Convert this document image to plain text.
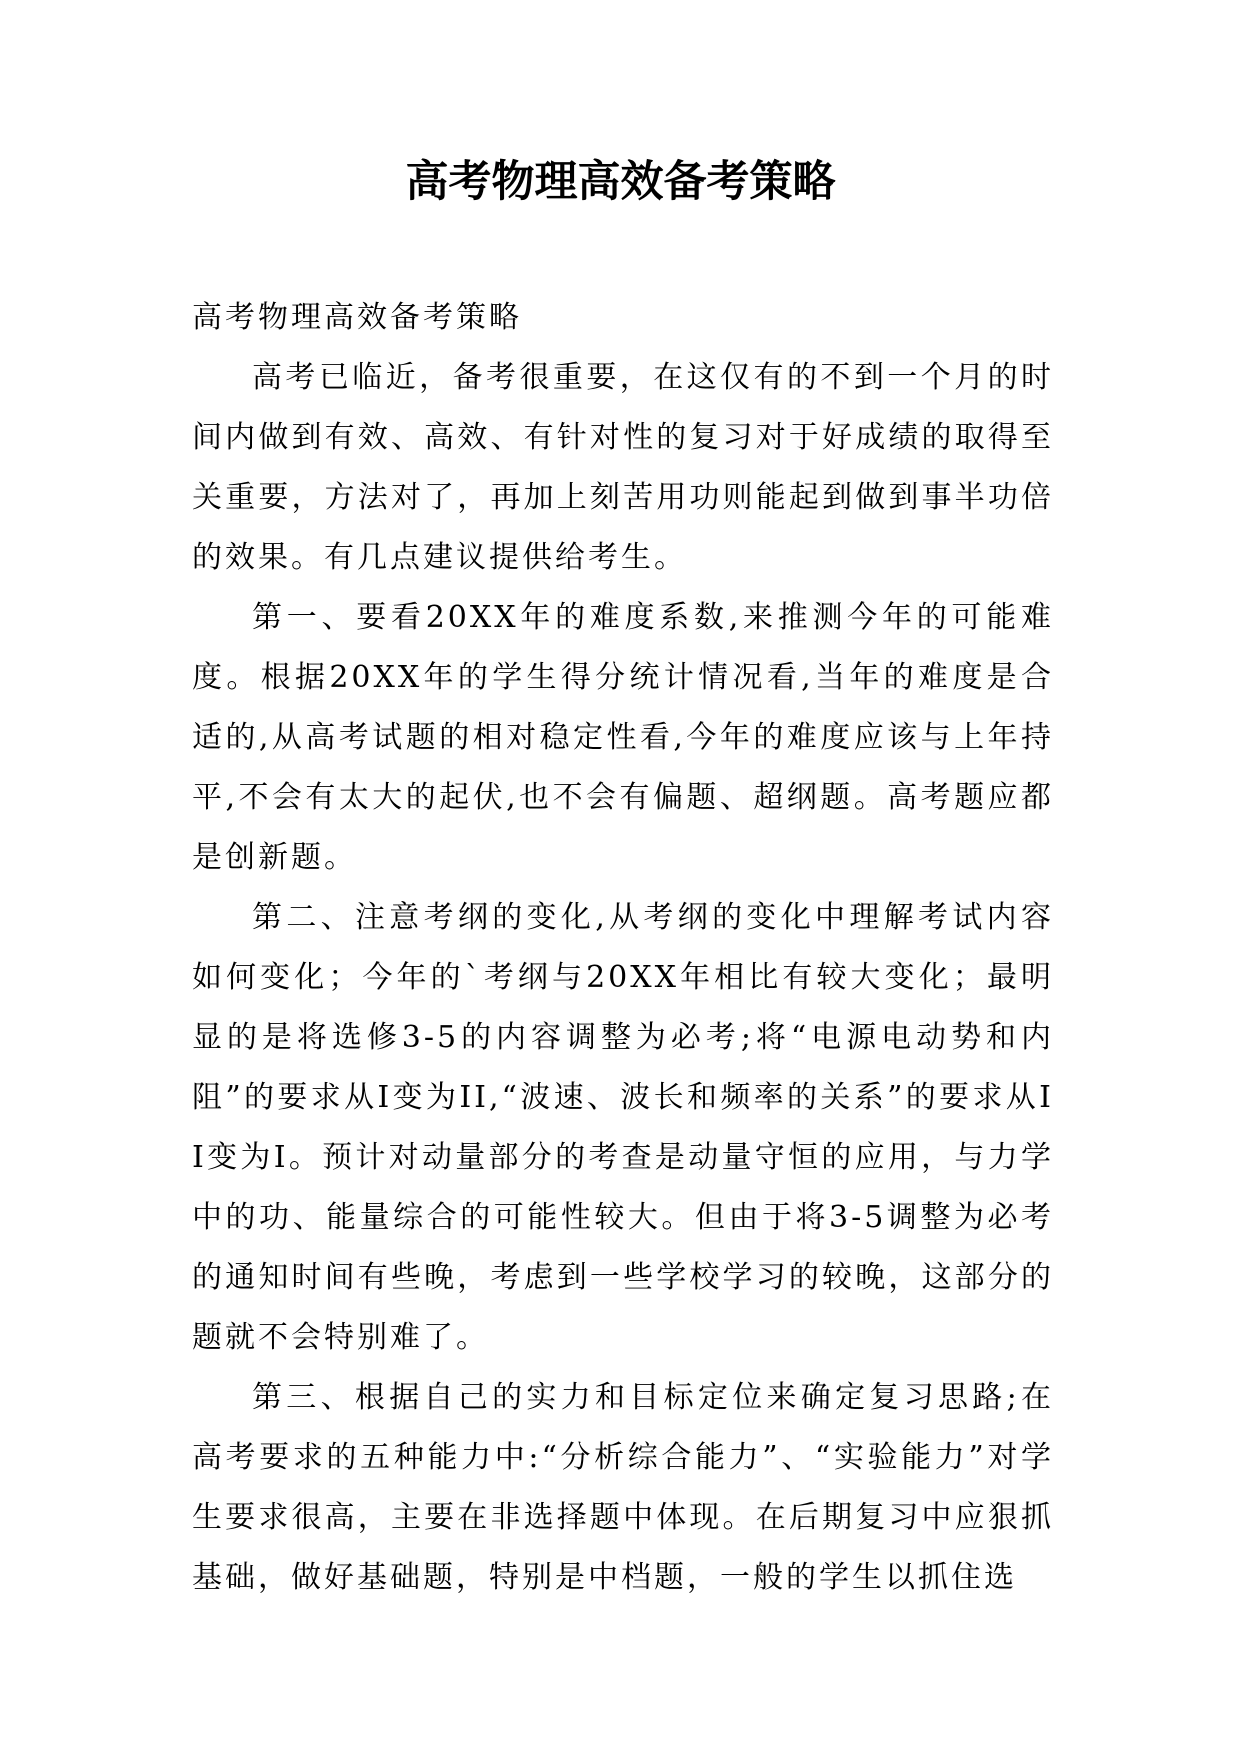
高考物理高效备考策略

高考物理高效备考策略

高考已临近，备考很重要，在这仅有的不到一个月的时间内做到有效、高效、有针对性的复习对于好成绩的取得至关重要，方法对了，再加上刻苦用功则能起到做到事半功倍的效果。有几点建议提供给考生。

第一、要看20XX年的难度系数,来推测今年的可能难度。根据20XX年的学生得分统计情况看,当年的难度是合适的,从高考试题的相对稳定性看,今年的难度应该与上年持平,不会有太大的起伏,也不会有偏题、超纲题。高考题应都是创新题。

第二、注意考纲的变化,从考纲的变化中理解考试内容如何变化；今年的`考纲与20XX年相比有较大变化；最明显的是将选修3-5的内容调整为必考;将“电源电动势和内阻”的要求从Ⅰ变为II,“波速、波长和频率的关系”的要求从II变为Ⅰ。预计对动量部分的考查是动量守恒的应用，与力学中的功、能量综合的可能性较大。但由于将3-5调整为必考的通知时间有些晚，考虑到一些学校学习的较晚，这部分的题就不会特别难了。

第三、根据自己的实力和目标定位来确定复习思路;在高考要求的五种能力中:“分析综合能力”、“实验能力”对学生要求很高，主要在非选择题中体现。在后期复习中应狠抓基础，做好基础题，特别是中档题，一般的学生以抓住选
